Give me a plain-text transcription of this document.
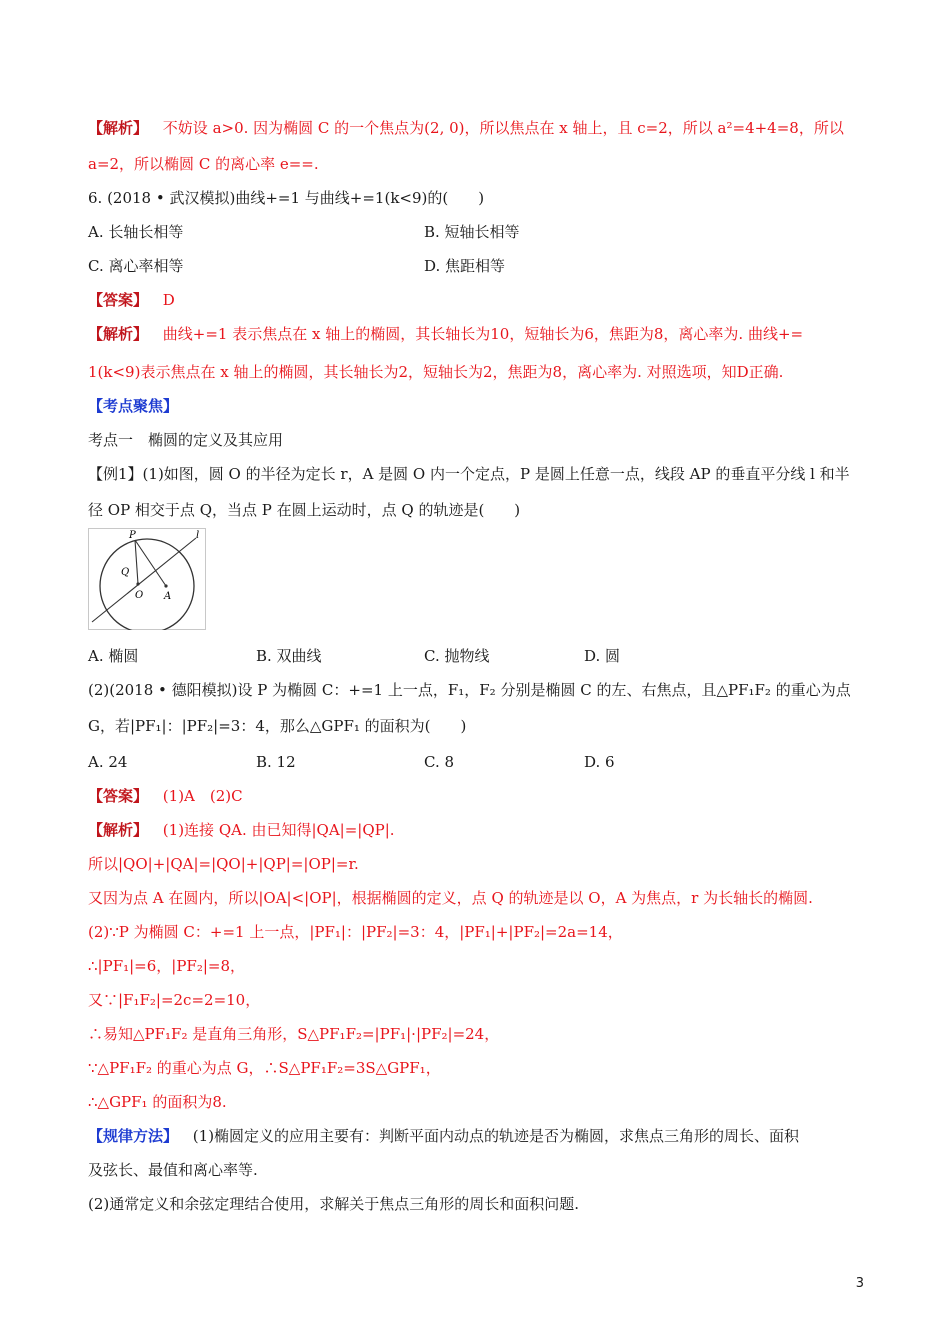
【解析】 不妨设 a>0. 因为椭圆 C 的一个焦点为(2, 0)，所以焦点在 x 轴上，且 c=2，所以 a²=4+4=8，所以
a=2，所以椭圆 C 的离心率 e==.
6. (2018 • 武汉模拟)曲线+=1 与曲线+=1(k<9)的(　　)
A. 长轴长相等	B. 短轴长相等
C. 离心率相等	D. 焦距相等
【答案】 D
【解析】 曲线+=1 表示焦点在 x 轴上的椭圆，其长轴长为10，短轴长为6，焦距为8，离心率为. 曲线+=
1(k<9)表示焦点在 x 轴上的椭圆，其长轴长为2，短轴长为2，焦距为8，离心率为. 对照选项，知D正确.
【考点聚焦】
考点一　椭圆的定义及其应用
【例1】(1)如图，圆 O 的半径为定长 r，A 是圆 O 内一个定点，P 是圆上任意一点，线段 AP 的垂直平分线 l 和半
径 OP 相交于点 Q，当点 P 在圆上运动时，点 Q 的轨迹是(　　)
P
Q
O A
l
A. 椭圆	B. 双曲线	C. 抛物线	D. 圆
(2)(2018 • 德阳模拟)设 P 为椭圆 C：+=1 上一点，F₁，F₂ 分别是椭圆 C 的左、右焦点，且△PF₁F₂ 的重心为点
G，若|PF₁|：|PF₂|=3：4，那么△GPF₁ 的面积为(　　)
A. 24	B. 12	C. 8	D. 6
【答案】 (1)A　(2)C
【解析】 (1)连接 QA. 由已知得|QA|=|QP|.
所以|QO|+|QA|=|QO|+|QP|=|OP|=r.
又因为点 A 在圆内，所以|OA|<|OP|，根据椭圆的定义，点 Q 的轨迹是以 O，A 为焦点，r 为长轴长的椭圆.
(2)∵P 为椭圆 C：+=1 上一点，|PF₁|：|PF₂|=3：4，|PF₁|+|PF₂|=2a=14，
∴|PF₁|=6，|PF₂|=8，
又∵|F₁F₂|=2c=2=10，
∴易知△PF₁F₂ 是直角三角形，S△PF₁F₂=|PF₁|·|PF₂|=24，
∵△PF₁F₂ 的重心为点 G，∴S△PF₁F₂=3S△GPF₁，
∴△GPF₁ 的面积为8.
【规律方法】 (1)椭圆定义的应用主要有：判断平面内动点的轨迹是否为椭圆，求焦点三角形的周长、面积
及弦长、最值和离心率等.
(2)通常定义和余弦定理结合使用，求解关于焦点三角形的周长和面积问题.
3
